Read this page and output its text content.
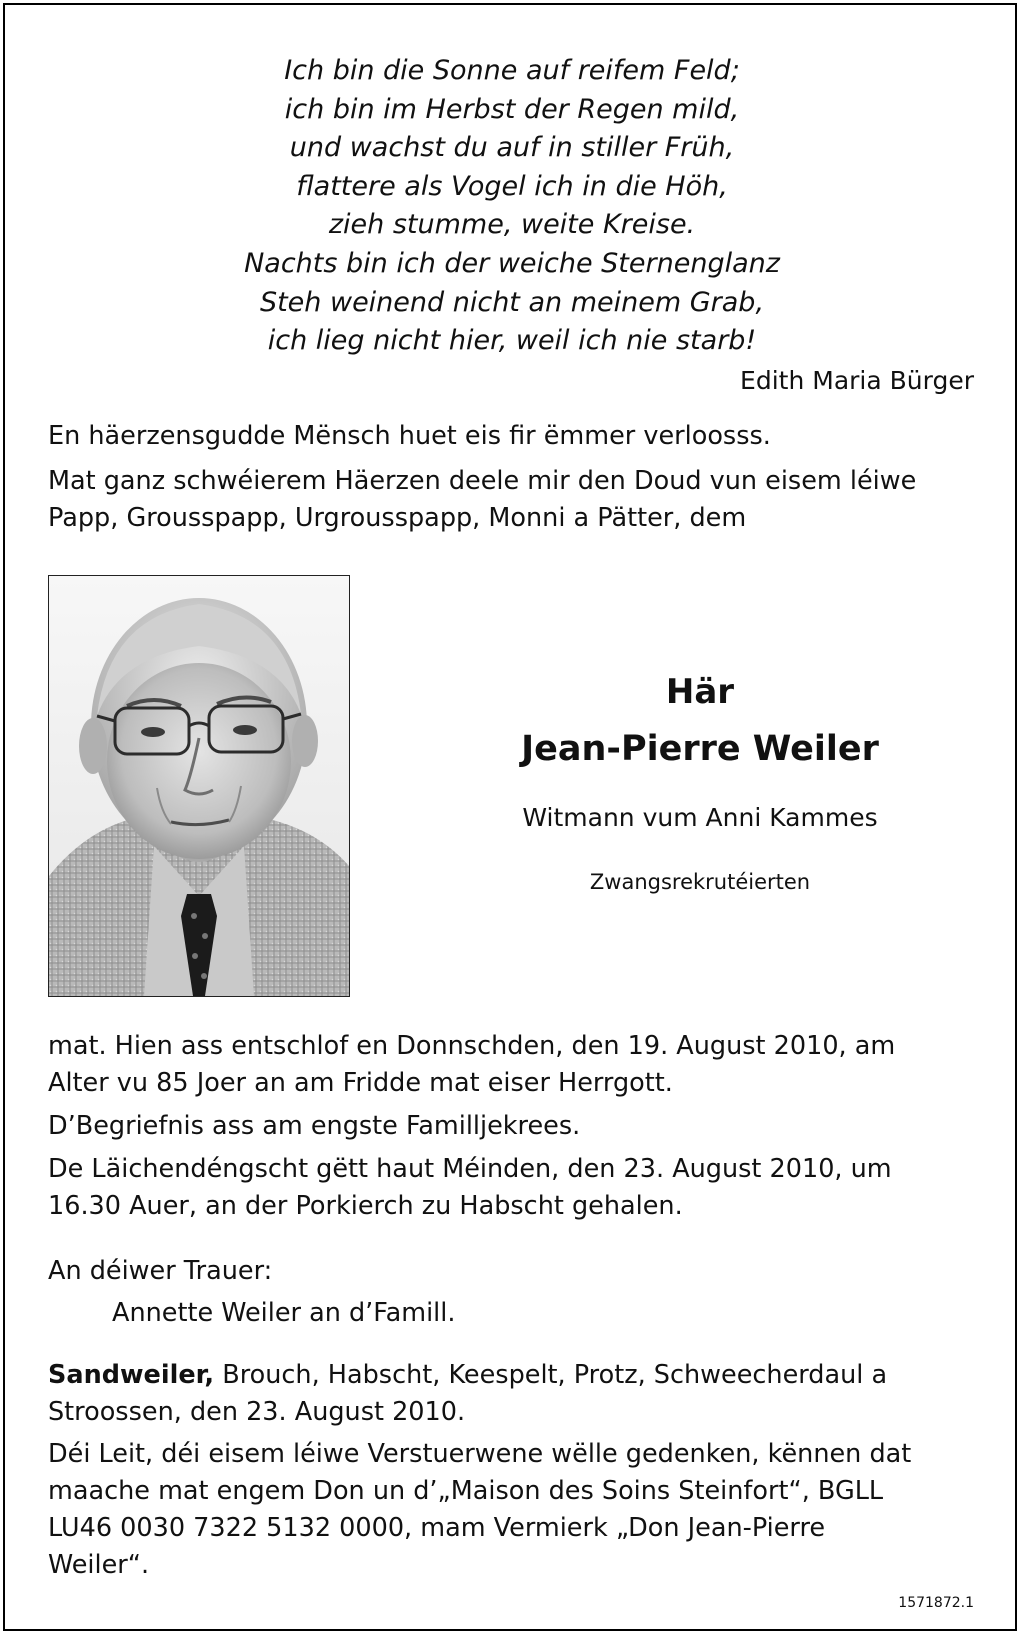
Ich bin die Sonne auf reifem Feld;
ich bin im Herbst der Regen mild,
und wachst du auf in stiller Früh,
flattere als Vogel ich in die Höh,
zieh stumme, weite Kreise.
Nachts bin ich der weiche Sternenglanz
Steh weinend nicht an meinem Grab,
ich lieg nicht hier, weil ich nie starb!
Edith Maria Bürger
En häerzensgudde Mënsch huet eis fir ëmmer verloosss.
Mat ganz schwéierem Häerzen deele mir den Doud vun eisem léiwe
Papp, Grousspapp, Urgrousspapp, Monni a Pätter, dem
Här
Jean-Pierre Weiler
Witmann vum Anni Kammes
Zwangsrekrutéierten
mat. Hien ass entschlof en Donnschden, den 19. August 2010, am
Alter vu 85 Joer an am Fridde mat eiser Herrgott.
D’Begriefnis ass am engste Familljekrees.
De Läichendéngscht gëtt haut Méinden, den 23. August 2010, um
16.30 Auer, an der Porkierch zu Habscht gehalen.
An déiwer Trauer:
Annette Weiler an d’Famill.
Sandweiler, Brouch, Habscht, Keespelt, Protz, Schweecherdaul a
Stroossen, den 23. August 2010.
Déi Leit, déi eisem léiwe Verstuerwene wëlle gedenken, kënnen dat
maache mat engem Don un d’„Maison des Soins Steinfort“, BGLL
LU46 0030 7322 5132 0000, mam Vermierk „Don Jean-Pierre
Weiler“.
1571872.1
